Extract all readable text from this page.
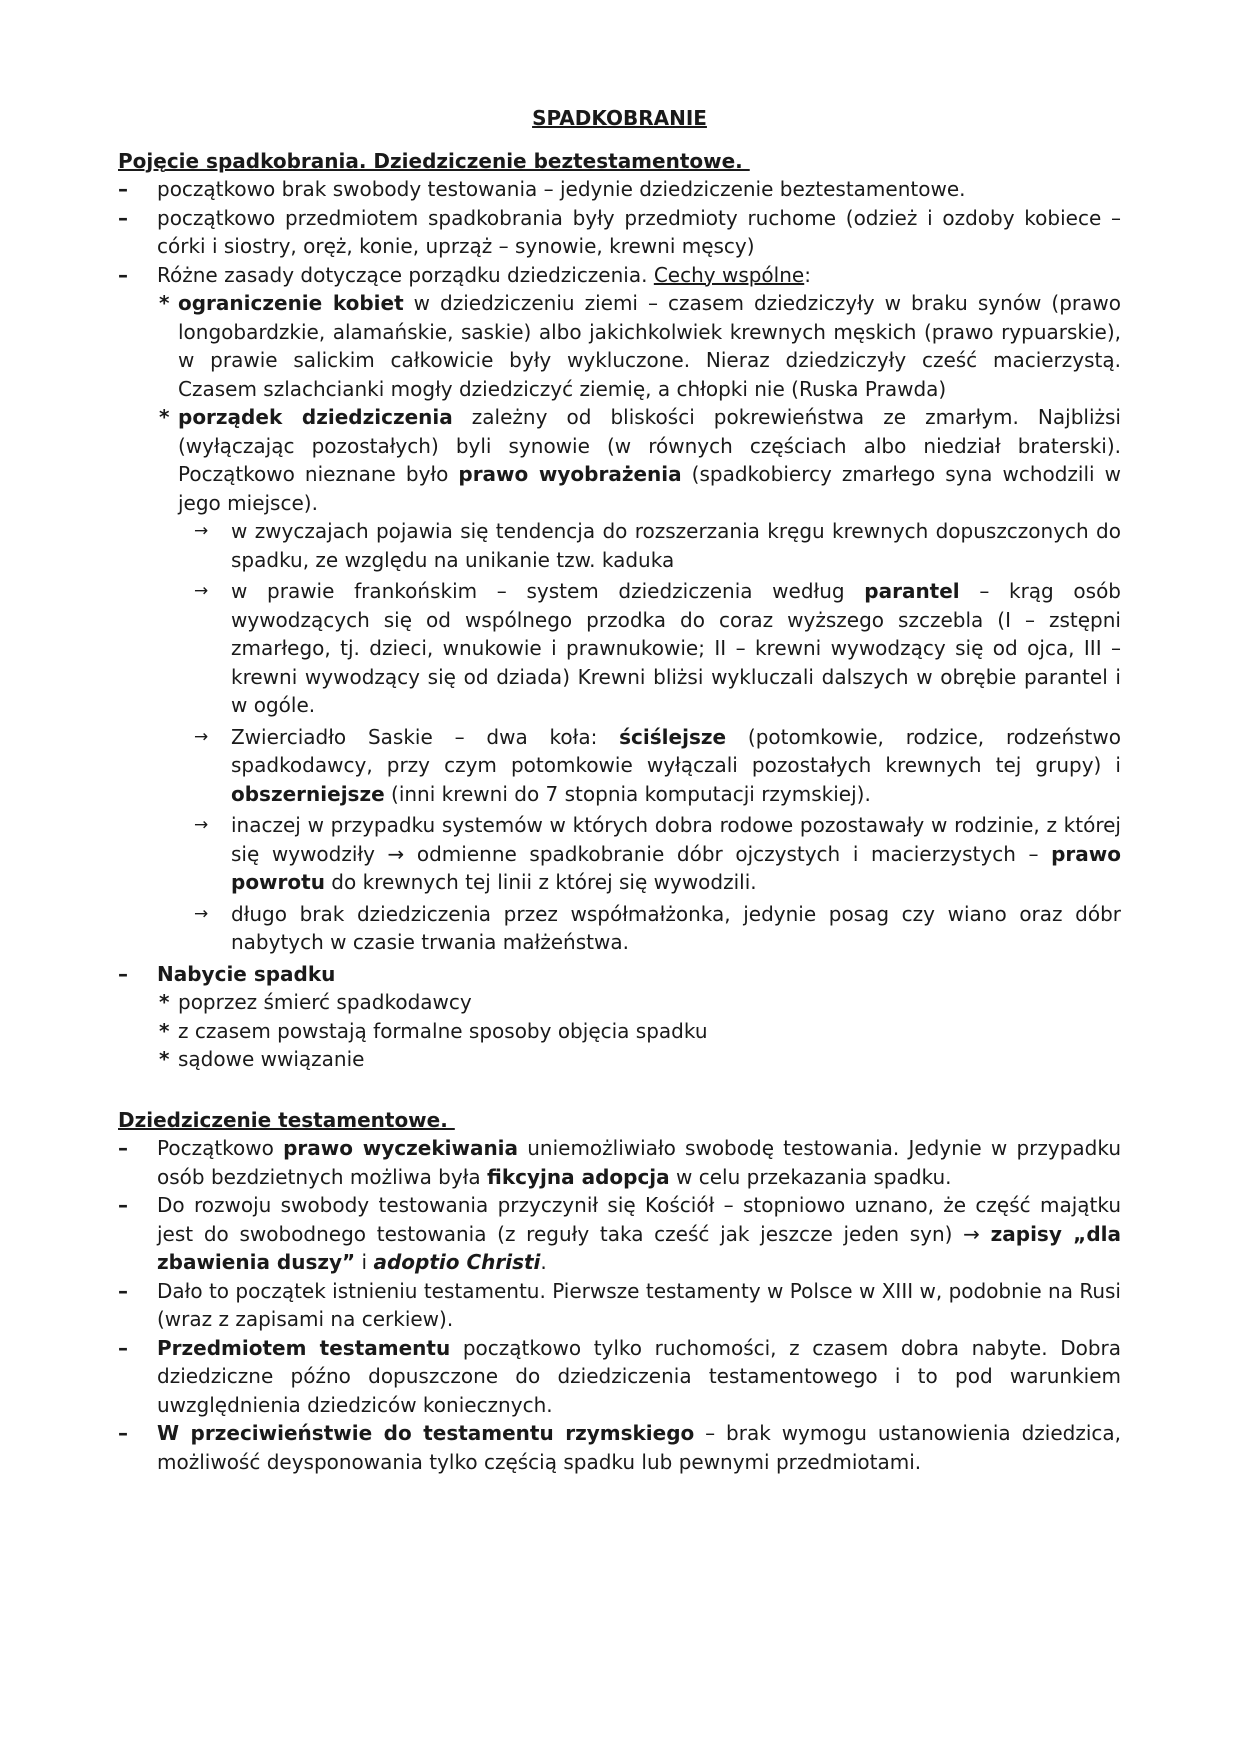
SPADKOBRANIE
Pojęcie spadkobrania. Dziedziczenie beztestamentowe.
–	początkowo brak swobody testowania – jedynie dziedziczenie beztestamentowe.
–	początkowo przedmiotem spadkobrania były przedmioty ruchome (odzież i ozdoby kobiece – córki i siostry, oręż, konie, uprząż – synowie, krewni męscy)
–	Różne zasady dotyczące porządku dziedziczenia. Cechy wspólne:
* ograniczenie kobiet w dziedziczeniu ziemi – czasem dziedziczyły w braku synów (prawo longobardzkie, alamańskie, saskie) albo jakichkolwiek krewnych męskich (prawo rypuarskie), w prawie salickim całkowicie były wykluczone. Nieraz dziedziczyły cześć macierzystą. Czasem szlachcianki mogły dziedziczyć ziemię, a chłopki nie (Ruska Prawda)
* porządek dziedziczenia zależny od bliskości pokrewieństwa ze zmarłym. Najbliżsi (wyłączając pozostałych) byli synowie (w równych częściach albo niedział braterski). Początkowo nieznane było prawo wyobrażenia (spadkobiercy zmarłego syna wchodzili w jego miejsce).
→ w zwyczajach pojawia się tendencja do rozszerzania kręgu krewnych dopuszczonych do spadku, ze względu na unikanie tzw. kaduka
→ w prawie frankońskim – system dziedziczenia według parantel – krąg osób wywodzących się od wspólnego przodka do coraz wyższego szczebla (I – zstępni zmarłego, tj. dzieci, wnukowie i prawnukowie; II – krewni wywodzący się od ojca, III – krewni wywodzący się od dziada) Krewni bliżsi wykluczali dalszych w obrębie parantel i w ogóle.
→ Zwierciadło Saskie – dwa koła: ściślejsze (potomkowie, rodzice, rodzeństwo spadkodawcy, przy czym potomkowie wyłączali pozostałych krewnych tej grupy) i obszerniejsze (inni krewni do 7 stopnia komputacji rzymskiej).
→ inaczej w przypadku systemów w których dobra rodowe pozostawały w rodzinie, z której się wywodziły → odmienne spadkobranie dóbr ojczystych i macierzystych – prawo powrotu do krewnych tej linii z której się wywodzili.
→ długo brak dziedziczenia przez współmałżonka, jedynie posag czy wiano oraz dóbr nabytych w czasie trwania małżeństwa.
–	Nabycie spadku
* poprzez śmierć spadkodawcy
* z czasem powstają formalne sposoby objęcia spadku
* sądowe wwiązanie
Dziedziczenie testamentowe.
–	Początkowo prawo wyczekiwania uniemożliwiało swobodę testowania. Jedynie w przypadku osób bezdzietnych możliwa była fikcyjna adopcja w celu przekazania spadku.
–	Do rozwoju swobody testowania przyczynił się Kościół – stopniowo uznano, że część majątku jest do swobodnego testowania (z reguły taka cześć jak jeszcze jeden syn) → zapisy „dla zbawienia duszy” i adoptio Christi.
–	Dało to początek istnieniu testamentu. Pierwsze testamenty w Polsce w XIII w, podobnie na Rusi (wraz z zapisami na cerkiew).
–	Przedmiotem testamentu początkowo tylko ruchomości, z czasem dobra nabyte. Dobra dziedziczne późno dopuszczone do dziedziczenia testamentowego i to pod warunkiem uwzględnienia dziedziców koniecznych.
–	W przeciwieństwie do testamentu rzymskiego – brak wymogu ustanowienia dziedzica, możliwość deysponowania tylko częścią spadku lub pewnymi przedmiotami.
